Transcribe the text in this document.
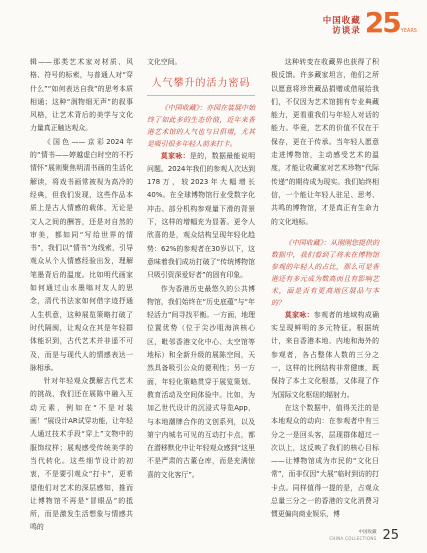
中国收藏
访谈录 25 YEARS

辑——那类艺术家对材质、风格、符号的标索，与普通人对“穿什么”“如何表达自我”的思考本质相通；这种“润物细无声”的叙事风格，让艺术背后的美学与文化力量真正触达观众。

《国色——京彩2024年的“情书——婷越虚白时空的不朽情怀”展则聚焦明清书画的生活化解读，将戏书画常被视为高冷的经典，但我们发现，这些作品本质上是古人情感的载体，无论是文人之间的酬答，还是对自然的审美，都如同“写给世界的情书”，我们以“情书”为线索，引导观众从个人情感经验出发，理解笔墨背后的温度。比如明代画家如何通过山水墨嗡对友人的思念，清代书法家如何借字迹抒通人生机意，这种展览策略打破了时代隔阂，让观众在其是年轻群体能识到，古代艺术并非遥不可及，而是与现代人的情感表达一脉相承。

针对年轻观众撰解古代艺术的挑战，我们还在展陈中融入互动元素，例如在“不是对装画！”展设计AR试穿功能，让年轻人通过技术手段“穿上”文物中的服饰纹样；展观感受传统美学的当代转化。这些细节设计的初衷，不是要引观众“打卡”，更希望他们对艺术的深层感知，推而让博物馆不再是“冒眼品”的抵所，而是激发生活想象与情感共鸣的

文化空间。

人气攀升的活力密码

《中国收藏》：亦园在装展中始终了如此多的生态价值，近年来香港艺术馆的人气也与日俱增，尤其是吸引很多年轻人前来打卡。

莫家咏：是的，数据最能说明问题。2024年我们的参观人次达到178万，较2023年大幅增长40%。在全球博物馆行业受数字化冲击、部分机构参观量下滑的背景下，这样的增幅充为显著。更令人欣喜的是，观众结构呈现年轻化趋势：62%的参观者在30岁以下，这意味着我们成功打破了“传统博物馆只吸引资深爱好者”的固有印象。

作为香港历史最悠久的公共博物馆，我们始终在“历史底蕴”与“年轻活力”间寻找平衡。一方面，地理位置优势（位于尖沙咀海滨核心区，毗邻香港文化中心、太空馆等地标）和全新升级的展陈空间，天然具备吸引公众的便利性；另一方面，年轻化策略贯穿于展览策划、教育活动及空间体验中。比如，为加乙世代设计的沉浸式导览App，与本地潮牌合作的文创系列，以及第宁内城名可见的互动打卡点，都在潜移默化中让年轻观众感到“这里不是严肃的古董仓库，而是充满惊喜的文化客厅”。

这种转变在收藏界也获得了积极反馈。许多藏家坦言，他们之所以愿意将珍贵藏品捐赠或借展给我们，不仅因为艺术馆拥有专业典藏能力，更看重我们与年轻人对话的能力。毕竟，艺术的价值不仅在于保存，更在于传承。当年轻人愿意走进博物馆，主动感受艺术的温度，才能让收藏家对艺术珍物“代际传递”的期待成为现实。我们始终相信，一个能让年轻人驻足、思考、共鸣的博物馆，才是真正有生命力的文化地标。

《中国收藏》：从刚刚您提供的数据中，我们看到了将来在博物馆参观的年轻人的占比，那么可是香港还有多元成为数高而且有影响艺术，面是否有更高地区展品与本的？

莫家咏：参观者的地域构成确实呈现鲜明的多元特征。根据统计，来自香港本地、内地和海外的参观者，各占整体人数的三分之一，这样的比例结构非常健康，既保持了本土文化根基，又体现了作为国际文化枢纽的辐射力。

在这个数据中，值得关注的是本地观众的动向：在参观者中有三分之一是回头客，层现群体超过一次以上，这反映了我们的核心目标——让博物馆成为市民的“文化日常”，而非仅因“大展”临时到访的打卡点。同样值得一提的是，占观众总量三分之一的香港的文化消费习惯更偏向商业娱乐，博

中国收藏
CHINA COLLECTIONS 25
